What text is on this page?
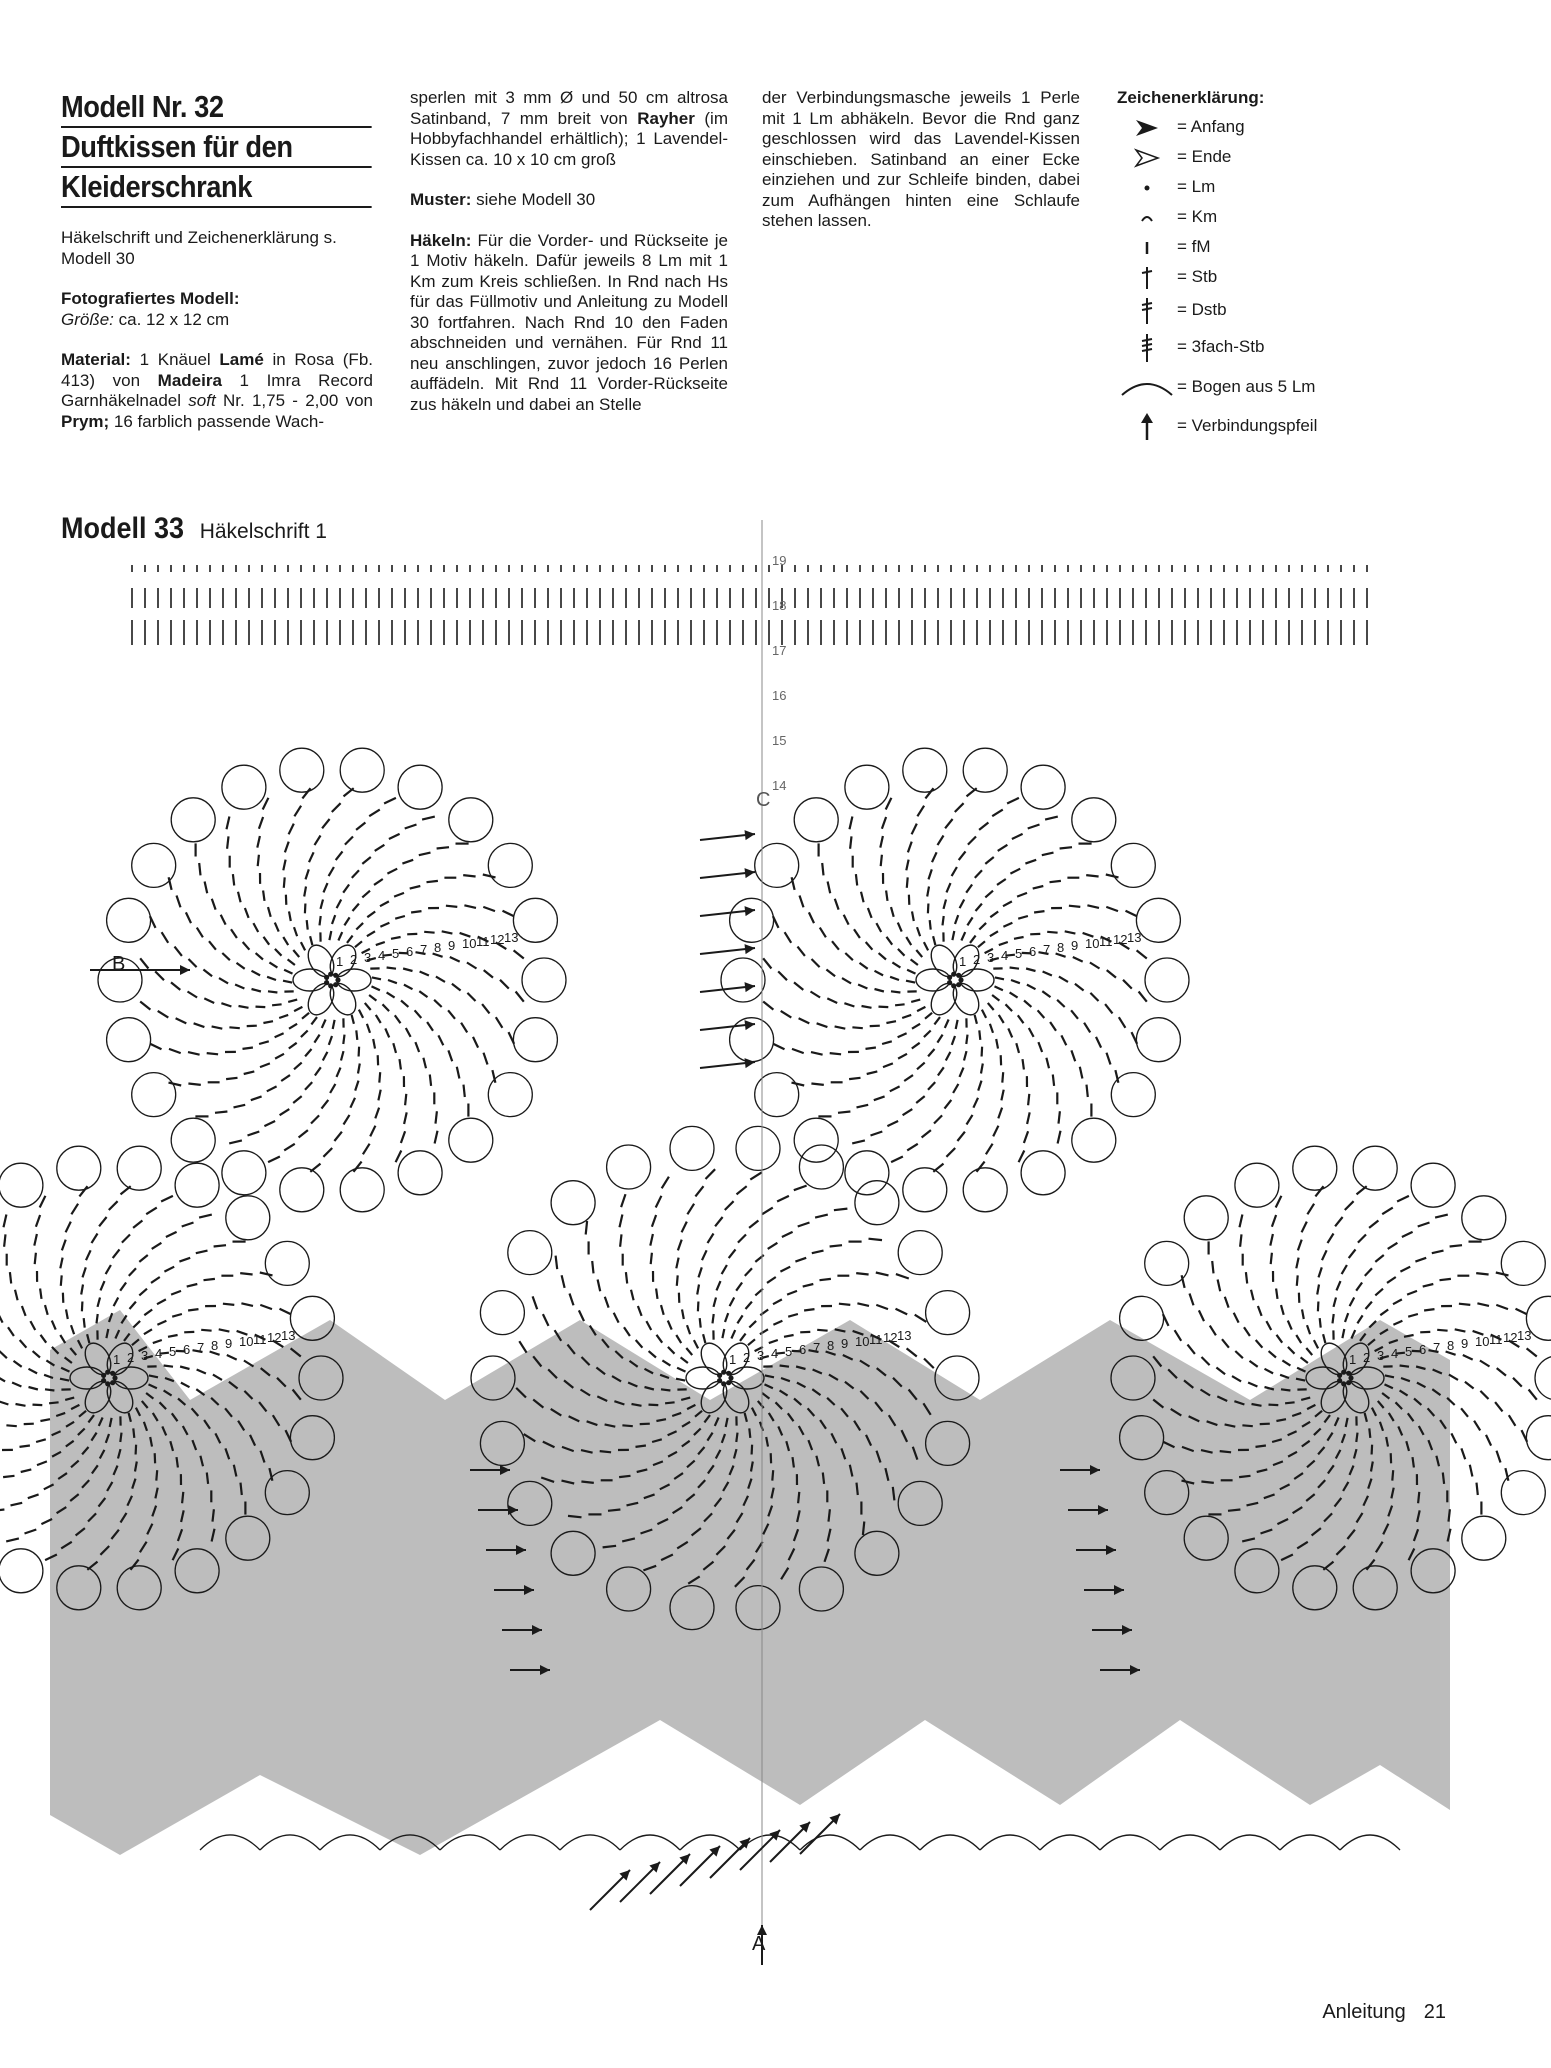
Modell Nr. 32
Duftkissen für den
Kleiderschrank

Häkelschrift und Zeichenerklärung s. Modell 30

Fotografiertes Modell:

Größe: ca. 12 x 12 cm

Material: 1 Knäuel Lamé in Rosa (Fb. 413) von Madeira 1 Imra Record Garnhäkelnadel soft Nr. 1,75 - 2,00 von Prym; 16 farblich passende Wach-

sperlen mit 3 mm Ø und 50 cm altrosa Satinband, 7 mm breit von Rayher (im Hobbyfachhandel erhältlich); 1 Lavendel-Kissen ca. 10 x 10 cm groß

Muster: siehe Modell 30

Häkeln: Für die Vorder- und Rückseite je 1 Motiv häkeln. Dafür jeweils 8 Lm mit 1 Km zum Kreis schließen. In Rnd nach Hs für das Füllmotiv und Anleitung zu Modell 30 fortfahren. Nach Rnd 10 den Faden abschneiden und vernähen. Für Rnd 11 neu anschlingen, zuvor jedoch 16 Perlen auffädeln. Mit Rnd 11 Vorder-Rückseite zus häkeln und dabei an Stelle

der Verbindungsmasche jeweils 1 Perle mit 1 Lm abhäkeln. Bevor die Rnd ganz geschlossen wird das Lavendel-Kissen einschieben. Satinband an einer Ecke einziehen und zur Schleife binden, dabei zum Aufhängen hinten eine Schlaufe stehen lassen.

Zeichenerklärung:
= Anfang
= Ende
= Lm
= Km
= fM
= Stb
= Dstb
= 3fach-Stb
= Bogen aus 5 Lm
= Verbindungspfeil
Modell 33 Häkelschrift 1
B
C
A
1 2 3 4 5 6 7 8 9 10 11 12 13
1 2 3 4 5 6 7 8 9 10 11 12 13
1 2 3 4 5 6 7 8 9 10 11 12 13
1 2 3 4 5 6 7 8 9 10 11 12 13
1 2 3 4 5 6 7 8 9 10 11 12 13
14
15
16
17
18
19
Anleitung 21
